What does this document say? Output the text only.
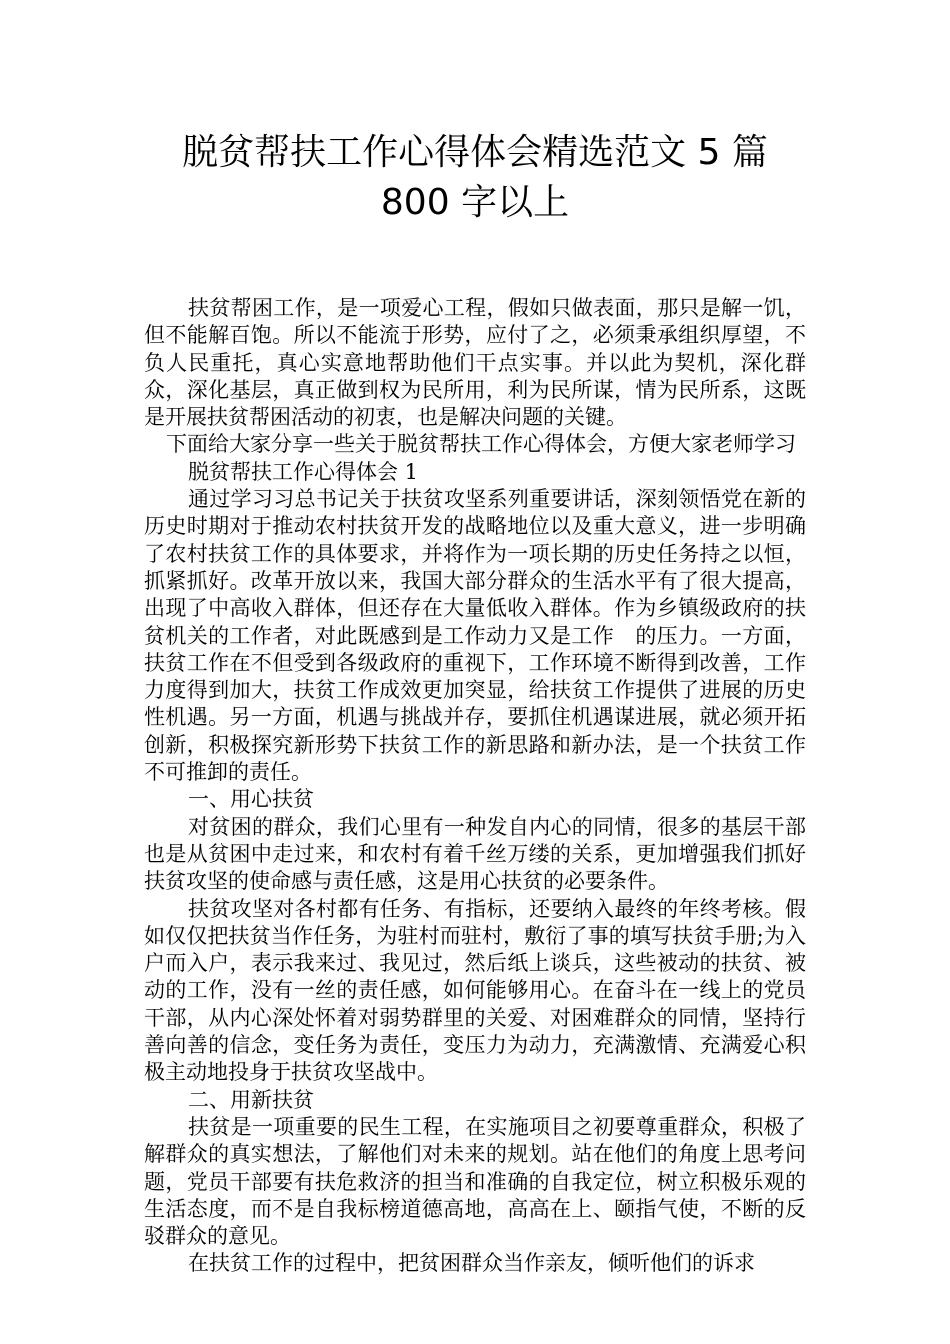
脱贫帮扶工作心得体会精选范文 5 篇
800 字以上

扶贫帮困工作，是一项爱心工程，假如只做表面，那只是解一饥，但不能解百饱。所以不能流于形势，应付了之，必须秉承组织厚望，不负人民重托，真心实意地帮助他们干点实事。并以此为契机，深化群众，深化基层，真正做到权为民所用，利为民所谋，情为民所系，这既是开展扶贫帮困活动的初衷，也是解决问题的关键。

下面给大家分享一些关于脱贫帮扶工作心得体会，方便大家老师学习

脱贫帮扶工作心得体会 1

通过学习习总书记关于扶贫攻坚系列重要讲话，深刻领悟党在新的历史时期对于推动农村扶贫开发的战略地位以及重大意义，进一步明确了农村扶贫工作的具体要求，并将作为一项长期的历史任务持之以恒，抓紧抓好。改革开放以来，我国大部分群众的生活水平有了很大提高，出现了中高收入群体，但还存在大量低收入群体。作为乡镇级政府的扶贫机关的工作者，对此既感到是工作动力又是工作　的压力。一方面，扶贫工作在不但受到各级政府的重视下，工作环境不断得到改善，工作力度得到加大，扶贫工作成效更加突显，给扶贫工作提供了进展的历史性机遇。另一方面，机遇与挑战并存，要抓住机遇谋进展，就必须开拓创新，积极探究新形势下扶贫工作的新思路和新办法，是一个扶贫工作不可推卸的责任。

一、用心扶贫

对贫困的群众，我们心里有一种发自内心的同情，很多的基层干部也是从贫困中走过来，和农村有着千丝万缕的关系，更加增强我们抓好扶贫攻坚的使命感与责任感，这是用心扶贫的必要条件。

扶贫攻坚对各村都有任务、有指标，还要纳入最终的年终考核。假如仅仅把扶贫当作任务，为驻村而驻村，敷衍了事的填写扶贫手册;为入户而入户，表示我来过、我见过，然后纸上谈兵，这些被动的扶贫、被动的工作，没有一丝的责任感，如何能够用心。在奋斗在一线上的党员干部，从内心深处怀着对弱势群里的关爱、对困难群众的同情，坚持行善向善的信念，变任务为责任，变压力为动力，充满激情、充满爱心积极主动地投身于扶贫攻坚战中。

二、用新扶贫

扶贫是一项重要的民生工程，在实施项目之初要尊重群众，积极了解群众的真实想法，了解他们对未来的规划。站在他们的角度上思考问题，党员干部要有扶危救济的担当和准确的自我定位，树立积极乐观的生活态度，而不是自我标榜道德高地，高高在上、颐指气使，不断的反驳群众的意见。

在扶贫工作的过程中，把贫困群众当作亲友，倾听他们的诉求
